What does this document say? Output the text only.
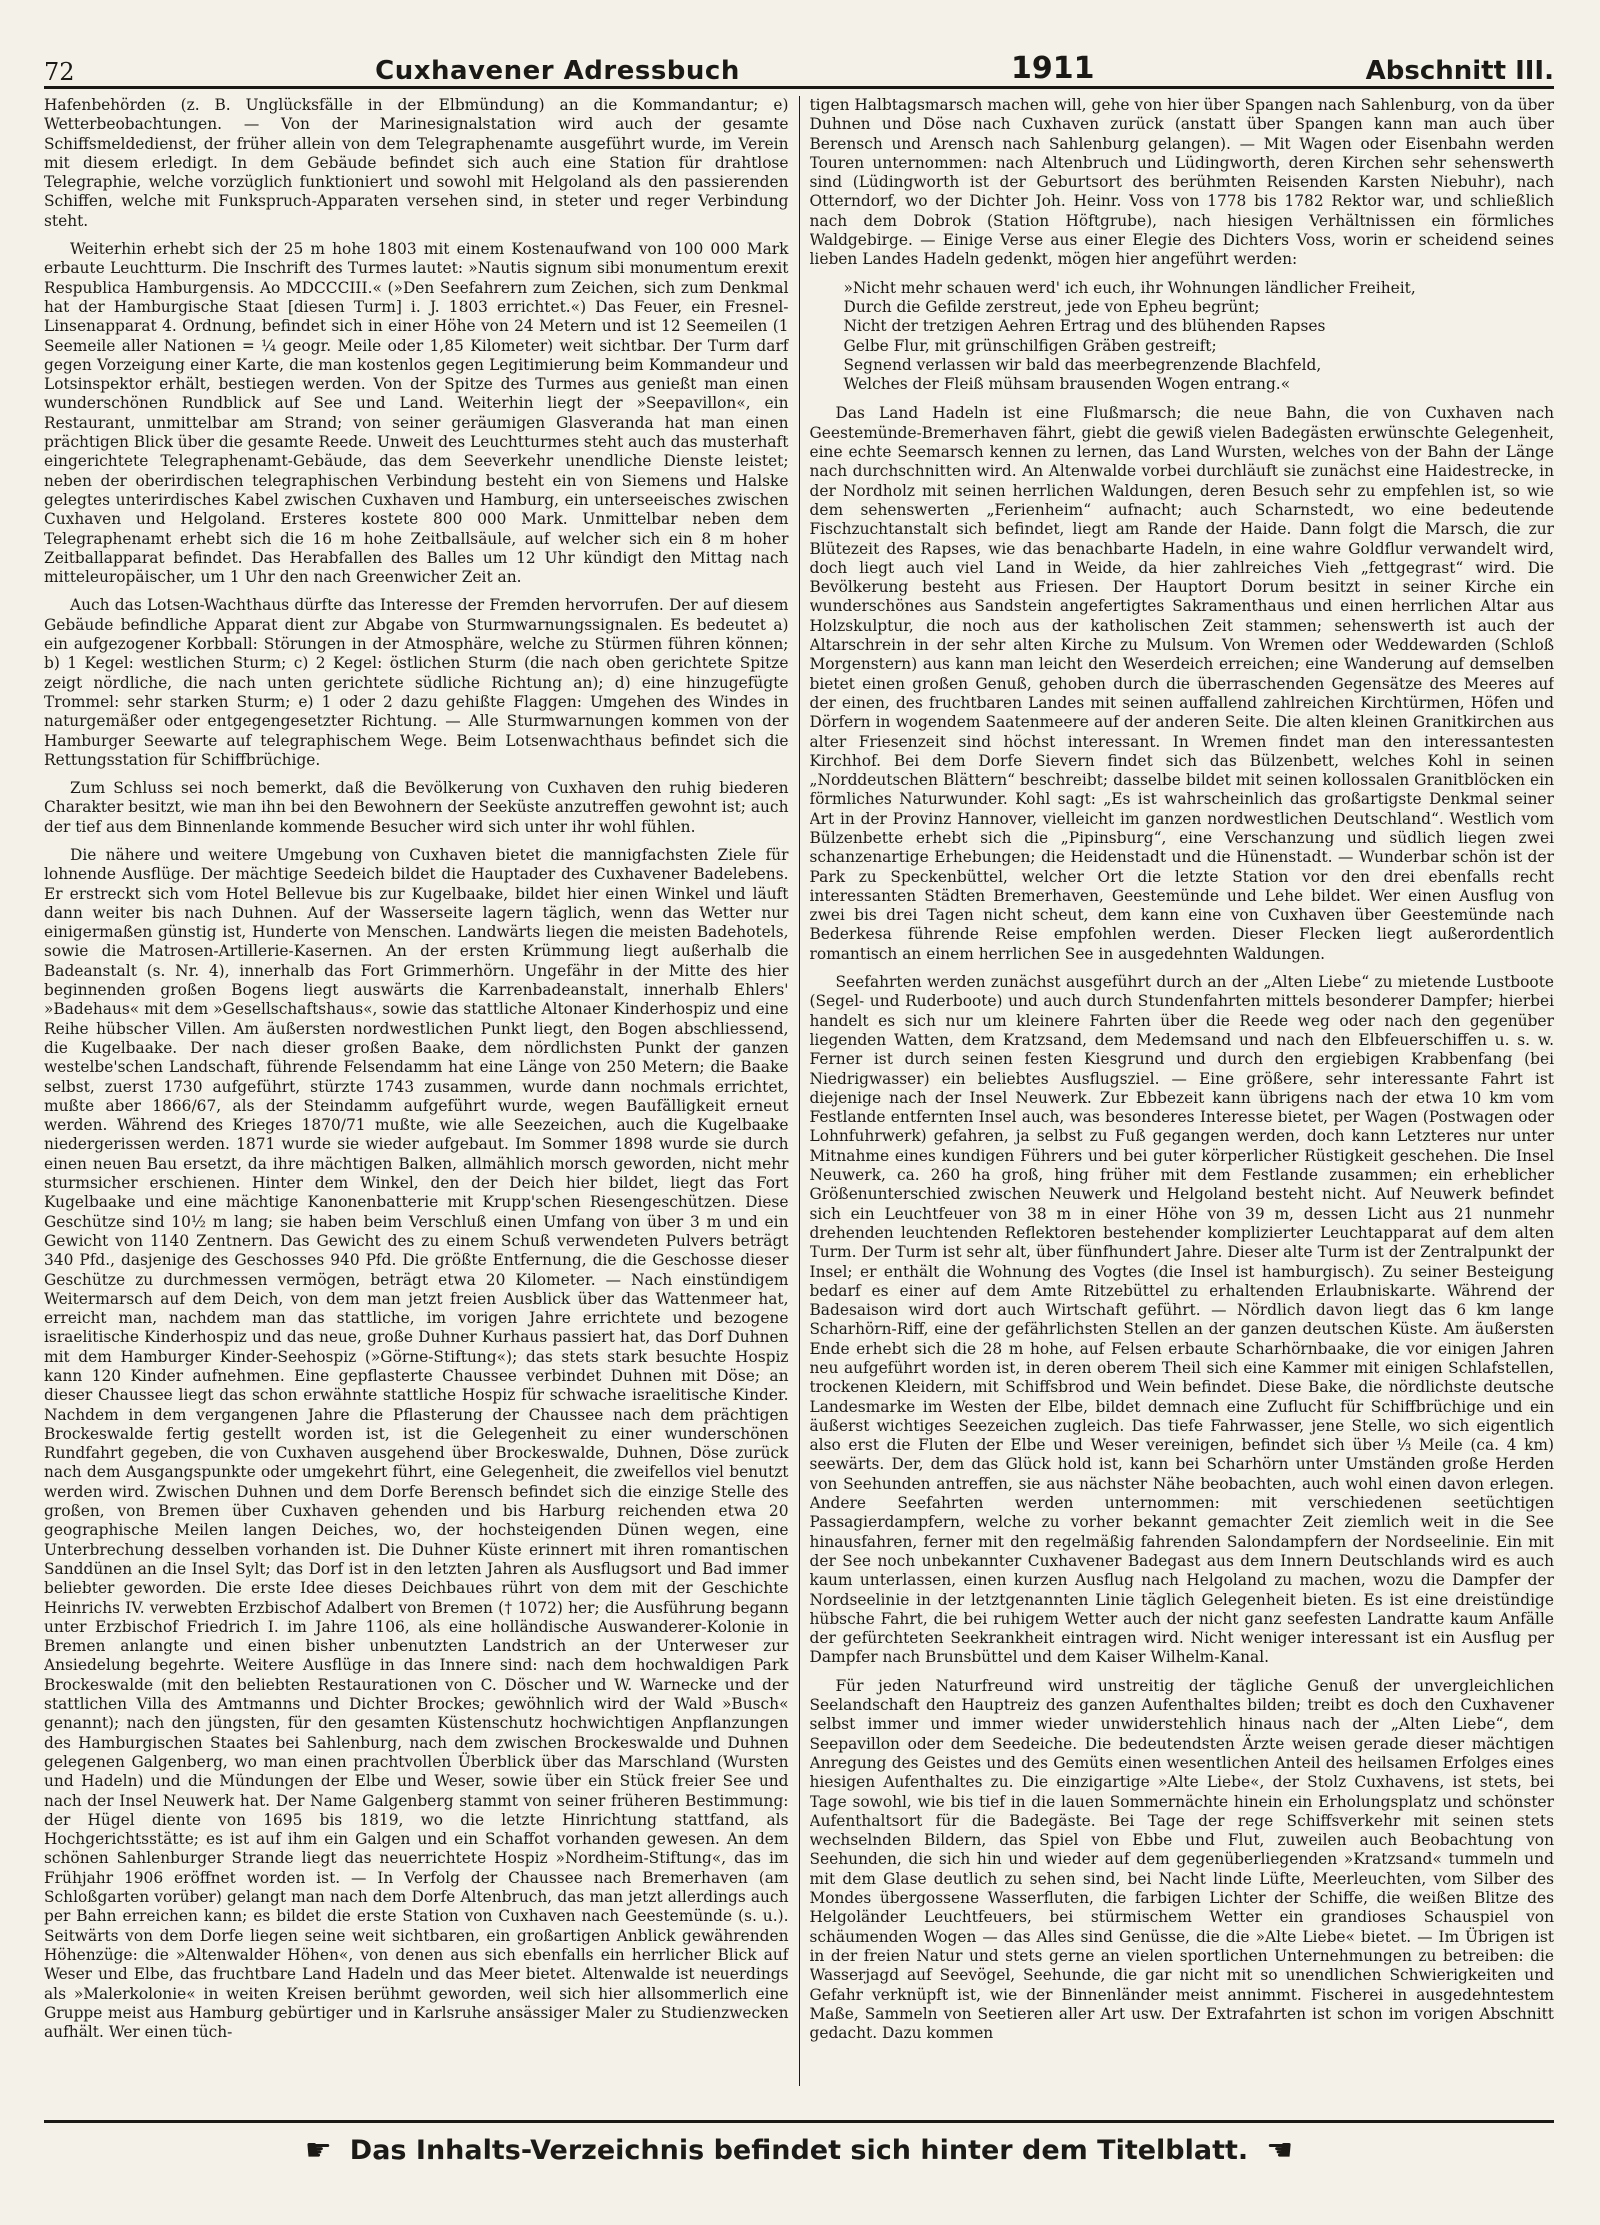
72	Cuxhavener Adressbuch	1911	Abschnitt III.

Hafenbehörden (z. B. Unglücksfälle in der Elbmündung) an die Kommandantur; e) Wetterbeobachtungen. — Von der Marinesignalstation wird auch der gesamte Schiffsmeldedienst, der früher allein von dem Telegraphenamte ausgeführt wurde, im Verein mit diesem erledigt. In dem Gebäude befindet sich auch eine Station für drahtlose Telegraphie, welche vorzüglich funktioniert und sowohl mit Helgoland als den passierenden Schiffen, welche mit Funkspruch-Apparaten versehen sind, in steter und reger Verbindung steht.

Weiterhin erhebt sich der 25 m hohe 1803 mit einem Kostenaufwand von 100 000 Mark erbaute Leuchtturm. Die Inschrift des Turmes lautet: »Nautis signum sibi monumentum erexit Respublica Hamburgensis. Ao MDCCCIII.« (»Den Seefahrern zum Zeichen, sich zum Denkmal hat der Hamburgische Staat [diesen Turm] i. J. 1803 errichtet.«) Das Feuer, ein Fresnel-Linsenapparat 4. Ordnung, befindet sich in einer Höhe von 24 Metern und ist 12 Seemeilen (1 Seemeile aller Nationen = ¼ geogr. Meile oder 1,85 Kilometer) weit sichtbar. Der Turm darf gegen Vorzeigung einer Karte, die man kostenlos gegen Legitimierung beim Kommandeur und Lotsinspektor erhält, bestiegen werden. Von der Spitze des Turmes aus genießt man einen wunderschönen Rundblick auf See und Land. Weiterhin liegt der »Seepavillon«, ein Restaurant, unmittelbar am Strand; von seiner geräumigen Glasveranda hat man einen prächtigen Blick über die gesamte Reede. Unweit des Leuchtturmes steht auch das musterhaft eingerichtete Telegraphenamt-Gebäude, das dem Seeverkehr unendliche Dienste leistet; neben der oberirdischen telegraphischen Verbindung besteht ein von Siemens und Halske gelegtes unterirdisches Kabel zwischen Cuxhaven und Hamburg, ein unterseeisches zwischen Cuxhaven und Helgoland. Ersteres kostete 800 000 Mark. Unmittelbar neben dem Telegraphenamt erhebt sich die 16 m hohe Zeitballsäule, auf welcher sich ein 8 m hoher Zeitballapparat befindet. Das Herabfallen des Balles um 12 Uhr kündigt den Mittag nach mitteleuropäischer, um 1 Uhr den nach Greenwicher Zeit an.

Auch das Lotsen-Wachthaus dürfte das Interesse der Fremden hervorrufen. Der auf diesem Gebäude befindliche Apparat dient zur Abgabe von Sturmwarnungssignalen. Es bedeutet a) ein aufgezogener Korbball: Störungen in der Atmosphäre, welche zu Stürmen führen können; b) 1 Kegel: westlichen Sturm; c) 2 Kegel: östlichen Sturm (die nach oben gerichtete Spitze zeigt nördliche, die nach unten gerichtete südliche Richtung an); d) eine hinzugefügte Trommel: sehr starken Sturm; e) 1 oder 2 dazu gehißte Flaggen: Umgehen des Windes in naturgemäßer oder entgegengesetzter Richtung. — Alle Sturmwarnungen kommen von der Hamburger Seewarte auf telegraphischem Wege. Beim Lotsenwachthaus befindet sich die Rettungsstation für Schiffbrüchige.

Zum Schluss sei noch bemerkt, daß die Bevölkerung von Cuxhaven den ruhig biederen Charakter besitzt, wie man ihn bei den Bewohnern der Seeküste anzutreffen gewohnt ist; auch der tief aus dem Binnenlande kommende Besucher wird sich unter ihr wohl fühlen.

Die nähere und weitere Umgebung von Cuxhaven bietet die mannigfachsten Ziele für lohnende Ausflüge. Der mächtige Seedeich bildet die Hauptader des Cuxhavener Badelebens. Er erstreckt sich vom Hotel Bellevue bis zur Kugelbaake, bildet hier einen Winkel und läuft dann weiter bis nach Duhnen. Auf der Wasserseite lagern täglich, wenn das Wetter nur einigermaßen günstig ist, Hunderte von Menschen. Landwärts liegen die meisten Badehotels, sowie die Matrosen-Artillerie-Kasernen. An der ersten Krümmung liegt außerhalb die Badeanstalt (s. Nr. 4), innerhalb das Fort Grimmerhörn. Ungefähr in der Mitte des hier beginnenden großen Bogens liegt auswärts die Karrenbadeanstalt, innerhalb Ehlers' »Badehaus« mit dem »Gesellschaftshaus«, sowie das stattliche Altonaer Kinderhospiz und eine Reihe hübscher Villen. Am äußersten nordwestlichen Punkt liegt, den Bogen abschliessend, die Kugelbaake. Der nach dieser großen Baake, dem nördlichsten Punkt der ganzen westelbe'schen Landschaft, führende Felsendamm hat eine Länge von 250 Metern; die Baake selbst, zuerst 1730 aufgeführt, stürzte 1743 zusammen, wurde dann nochmals errichtet, mußte aber 1866/67, als der Steindamm aufgeführt wurde, wegen Baufälligkeit erneut werden. Während des Krieges 1870/71 mußte, wie alle Seezeichen, auch die Kugelbaake niedergerissen werden. 1871 wurde sie wieder aufgebaut. Im Sommer 1898 wurde sie durch einen neuen Bau ersetzt, da ihre mächtigen Balken, allmählich morsch geworden, nicht mehr sturmsicher erschienen. Hinter dem Winkel, den der Deich hier bildet, liegt das Fort Kugelbaake und eine mächtige Kanonenbatterie mit Krupp'schen Riesengeschützen. Diese Geschütze sind 10½ m lang; sie haben beim Verschluß einen Umfang von über 3 m und ein Gewicht von 1140 Zentnern. Das Gewicht des zu einem Schuß verwendeten Pulvers beträgt 340 Pfd., dasjenige des Geschosses 940 Pfd. Die größte Entfernung, die die Geschosse dieser Geschütze zu durchmessen vermögen, beträgt etwa 20 Kilometer. — Nach einstündigem Weitermarsch auf dem Deich, von dem man jetzt freien Ausblick über das Wattenmeer hat, erreicht man, nachdem man das stattliche, im vorigen Jahre errichtete und bezogene israelitische Kinderhospiz und das neue, große Duhner Kurhaus passiert hat, das Dorf Duhnen mit dem Hamburger Kinder-Seehospiz (»Görne-Stiftung«); das stets stark besuchte Hospiz kann 120 Kinder aufnehmen. Eine gepflasterte Chaussee verbindet Duhnen mit Döse; an dieser Chaussee liegt das schon erwähnte stattliche Hospiz für schwache israelitische Kinder. Nachdem in dem vergangenen Jahre die Pflasterung der Chaussee nach dem prächtigen Brockeswalde fertig gestellt worden ist, ist die Gelegenheit zu einer wunderschönen Rundfahrt gegeben, die von Cuxhaven ausgehend über Brockeswalde, Duhnen, Döse zurück nach dem Ausgangspunkte oder umgekehrt führt, eine Gelegenheit, die zweifellos viel benutzt werden wird. Zwischen Duhnen und dem Dorfe Berensch befindet sich die einzige Stelle des großen, von Bremen über Cuxhaven gehenden und bis Harburg reichenden etwa 20 geographische Meilen langen Deiches, wo, der hochsteigenden Dünen wegen, eine Unterbrechung desselben vorhanden ist. Die Duhner Küste erinnert mit ihren romantischen Sanddünen an die Insel Sylt; das Dorf ist in den letzten Jahren als Ausflugsort und Bad immer beliebter geworden. Die erste Idee dieses Deichbaues rührt von dem mit der Geschichte Heinrichs IV. verwebten Erzbischof Adalbert von Bremen († 1072) her; die Ausführung begann unter Erzbischof Friedrich I. im Jahre 1106, als eine holländische Auswanderer-Kolonie in Bremen anlangte und einen bisher unbenutzten Landstrich an der Unterweser zur Ansiedelung begehrte. Weitere Ausflüge in das Innere sind: nach dem hochwaldigen Park Brockeswalde (mit den beliebten Restaurationen von C. Döscher und W. Warnecke und der stattlichen Villa des Amtmanns und Dichter Brockes; gewöhnlich wird der Wald »Busch« genannt); nach den jüngsten, für den gesamten Küstenschutz hochwichtigen Anpflanzungen des Hamburgischen Staates bei Sahlenburg, nach dem zwischen Brockeswalde und Duhnen gelegenen Galgenberg, wo man einen prachtvollen Überblick über das Marschland (Wursten und Hadeln) und die Mündungen der Elbe und Weser, sowie über ein Stück freier See und nach der Insel Neuwerk hat. Der Name Galgenberg stammt von seiner früheren Bestimmung: der Hügel diente von 1695 bis 1819, wo die letzte Hinrichtung stattfand, als Hochgerichtsstätte; es ist auf ihm ein Galgen und ein Schaffot vorhanden gewesen. An dem schönen Sahlenburger Strande liegt das neuerrichtete Hospiz »Nordheim-Stiftung«, das im Frühjahr 1906 eröffnet worden ist. — In Verfolg der Chaussee nach Bremerhaven (am Schloßgarten vorüber) gelangt man nach dem Dorfe Altenbruch, das man jetzt allerdings auch per Bahn erreichen kann; es bildet die erste Station von Cuxhaven nach Geestemünde (s. u.). Seitwärts von dem Dorfe liegen seine weit sichtbaren, ein großartigen Anblick gewährenden Höhenzüge: die »Altenwalder Höhen«, von denen aus sich ebenfalls ein herrlicher Blick auf Weser und Elbe, das fruchtbare Land Hadeln und das Meer bietet. Altenwalde ist neuerdings als »Malerkolonie« in weiten Kreisen berühmt geworden, weil sich hier allsommerlich eine Gruppe meist aus Hamburg gebürtiger und in Karlsruhe ansässiger Maler zu Studienzwecken aufhält. Wer einen tüch-

tigen Halbtagsmarsch machen will, gehe von hier über Spangen nach Sahlenburg, von da über Duhnen und Döse nach Cuxhaven zurück (anstatt über Spangen kann man auch über Berensch und Arensch nach Sahlenburg gelangen). — Mit Wagen oder Eisenbahn werden Touren unternommen: nach Altenbruch und Lüdingworth, deren Kirchen sehr sehenswerth sind (Lüdingworth ist der Geburtsort des berühmten Reisenden Karsten Niebuhr), nach Otterndorf, wo der Dichter Joh. Heinr. Voss von 1778 bis 1782 Rektor war, und schließlich nach dem Dobrok (Station Höftgrube), nach hiesigen Verhältnissen ein förmliches Waldgebirge. — Einige Verse aus einer Elegie des Dichters Voss, worin er scheidend seines lieben Landes Hadeln gedenkt, mögen hier angeführt werden:

»Nicht mehr schauen werd' ich euch, ihr Wohnungen ländlicher Freiheit,
Durch die Gefilde zerstreut, jede von Epheu begrünt;
Nicht der tretzigen Aehren Ertrag und des blühenden Rapses
Gelbe Flur, mit grünschilfigen Gräben gestreift;
Segnend verlassen wir bald das meerbegrenzende Blachfeld,
Welches der Fleiß mühsam brausenden Wogen entrang.«

Das Land Hadeln ist eine Flußmarsch; die neue Bahn, die von Cuxhaven nach Geestemünde-Bremerhaven fährt, giebt die gewiß vielen Badegästen erwünschte Gelegenheit, eine echte Seemarsch kennen zu lernen, das Land Wursten, welches von der Bahn der Länge nach durchschnitten wird. An Altenwalde vorbei durchläuft sie zunächst eine Haidestrecke, in der Nordholz mit seinen herrlichen Waldungen, deren Besuch sehr zu empfehlen ist, so wie dem sehenswerten „Ferienheim“ aufnacht; auch Scharnstedt, wo eine bedeutende Fischzuchtanstalt sich befindet, liegt am Rande der Haide. Dann folgt die Marsch, die zur Blütezeit des Rapses, wie das benachbarte Hadeln, in eine wahre Goldflur verwandelt wird, doch liegt auch viel Land in Weide, da hier zahlreiches Vieh „fettgegrast“ wird. Die Bevölkerung besteht aus Friesen. Der Hauptort Dorum besitzt in seiner Kirche ein wunderschönes aus Sandstein angefertigtes Sakramenthaus und einen herrlichen Altar aus Holzskulptur, die noch aus der katholischen Zeit stammen; sehenswerth ist auch der Altarschrein in der sehr alten Kirche zu Mulsum. Von Wremen oder Weddewarden (Schloß Morgenstern) aus kann man leicht den Weserdeich erreichen; eine Wanderung auf demselben bietet einen großen Genuß, gehoben durch die überraschenden Gegensätze des Meeres auf der einen, des fruchtbaren Landes mit seinen auffallend zahlreichen Kirchtürmen, Höfen und Dörfern in wogendem Saatenmeere auf der anderen Seite. Die alten kleinen Granitkirchen aus alter Friesenzeit sind höchst interessant. In Wremen findet man den interessantesten Kirchhof. Bei dem Dorfe Sievern findet sich das Bülzenbett, welches Kohl in seinen „Norddeutschen Blättern“ beschreibt; dasselbe bildet mit seinen kollossalen Granitblöcken ein förmliches Naturwunder. Kohl sagt: „Es ist wahrscheinlich das großartigste Denkmal seiner Art in der Provinz Hannover, vielleicht im ganzen nordwestlichen Deutschland“. Westlich vom Bülzenbette erhebt sich die „Pipinsburg“, eine Verschanzung und südlich liegen zwei schanzenartige Erhebungen; die Heidenstadt und die Hünenstadt. — Wunderbar schön ist der Park zu Speckenbüttel, welcher Ort die letzte Station vor den drei ebenfalls recht interessanten Städten Bremerhaven, Geestemünde und Lehe bildet. Wer einen Ausflug von zwei bis drei Tagen nicht scheut, dem kann eine von Cuxhaven über Geestemünde nach Bederkesa führende Reise empfohlen werden. Dieser Flecken liegt außerordentlich romantisch an einem herrlichen See in ausgedehnten Waldungen.

Seefahrten werden zunächst ausgeführt durch an der „Alten Liebe“ zu mietende Lustboote (Segel- und Ruderboote) und auch durch Stundenfahrten mittels besonderer Dampfer; hierbei handelt es sich nur um kleinere Fahrten über die Reede weg oder nach den gegenüber liegenden Watten, dem Kratzsand, dem Medemsand und nach den Elbfeuerschiffen u. s. w. Ferner ist durch seinen festen Kiesgrund und durch den ergiebigen Krabbenfang (bei Niedrigwasser) ein beliebtes Ausflugsziel. — Eine größere, sehr interessante Fahrt ist diejenige nach der Insel Neuwerk. Zur Ebbezeit kann übrigens nach der etwa 10 km vom Festlande entfernten Insel auch, was besonderes Interesse bietet, per Wagen (Postwagen oder Lohnfuhrwerk) gefahren, ja selbst zu Fuß gegangen werden, doch kann Letzteres nur unter Mitnahme eines kundigen Führers und bei guter körperlicher Rüstigkeit geschehen. Die Insel Neuwerk, ca. 260 ha groß, hing früher mit dem Festlande zusammen; ein erheblicher Größenunterschied zwischen Neuwerk und Helgoland besteht nicht. Auf Neuwerk befindet sich ein Leuchtfeuer von 38 m in einer Höhe von 39 m, dessen Licht aus 21 nunmehr drehenden leuchtenden Reflektoren bestehender komplizierter Leuchtapparat auf dem alten Turm. Der Turm ist sehr alt, über fünfhundert Jahre. Dieser alte Turm ist der Zentralpunkt der Insel; er enthält die Wohnung des Vogtes (die Insel ist hamburgisch). Zu seiner Besteigung bedarf es einer auf dem Amte Ritzebüttel zu erhaltenden Erlaubniskarte. Während der Badesaison wird dort auch Wirtschaft geführt. — Nördlich davon liegt das 6 km lange Scharhörn-Riff, eine der gefährlichsten Stellen an der ganzen deutschen Küste. Am äußersten Ende erhebt sich die 28 m hohe, auf Felsen erbaute Scharhörnbaake, die vor einigen Jahren neu aufgeführt worden ist, in deren oberem Theil sich eine Kammer mit einigen Schlafstellen, trockenen Kleidern, mit Schiffsbrod und Wein befindet. Diese Bake, die nördlichste deutsche Landesmarke im Westen der Elbe, bildet demnach eine Zuflucht für Schiffbrüchige und ein äußerst wichtiges Seezeichen zugleich. Das tiefe Fahrwasser, jene Stelle, wo sich eigentlich also erst die Fluten der Elbe und Weser vereinigen, befindet sich über ⅓ Meile (ca. 4 km) seewärts. Der, dem das Glück hold ist, kann bei Scharhörn unter Umständen große Herden von Seehunden antreffen, sie aus nächster Nähe beobachten, auch wohl einen davon erlegen. Andere Seefahrten werden unternommen: mit verschiedenen seetüchtigen Passagierdampfern, welche zu vorher bekannt gemachter Zeit ziemlich weit in die See hinausfahren, ferner mit den regelmäßig fahrenden Salondampfern der Nordseelinie. Ein mit der See noch unbekannter Cuxhavener Badegast aus dem Innern Deutschlands wird es auch kaum unterlassen, einen kurzen Ausflug nach Helgoland zu machen, wozu die Dampfer der Nordseelinie in der letztgenannten Linie täglich Gelegenheit bieten. Es ist eine dreistündige hübsche Fahrt, die bei ruhigem Wetter auch der nicht ganz seefesten Landratte kaum Anfälle der gefürchteten Seekrankheit eintragen wird. Nicht weniger interessant ist ein Ausflug per Dampfer nach Brunsbüttel und dem Kaiser Wilhelm-Kanal.

Für jeden Naturfreund wird unstreitig der tägliche Genuß der unvergleichlichen Seelandschaft den Hauptreiz des ganzen Aufenthaltes bilden; treibt es doch den Cuxhavener selbst immer und immer wieder unwiderstehlich hinaus nach der „Alten Liebe“, dem Seepavillon oder dem Seedeiche. Die bedeutendsten Ärzte weisen gerade dieser mächtigen Anregung des Geistes und des Gemüts einen wesentlichen Anteil des heilsamen Erfolges eines hiesigen Aufenthaltes zu. Die einzigartige »Alte Liebe«, der Stolz Cuxhavens, ist stets, bei Tage sowohl, wie bis tief in die lauen Sommernächte hinein ein Erholungsplatz und schönster Aufenthaltsort für die Badegäste. Bei Tage der rege Schiffsverkehr mit seinen stets wechselnden Bildern, das Spiel von Ebbe und Flut, zuweilen auch Beobachtung von Seehunden, die sich hin und wieder auf dem gegenüberliegenden »Kratzsand« tummeln und mit dem Glase deutlich zu sehen sind, bei Nacht linde Lüfte, Meerleuchten, vom Silber des Mondes übergossene Wasserfluten, die farbigen Lichter der Schiffe, die weißen Blitze des Helgoländer Leuchtfeuers, bei stürmischem Wetter ein grandioses Schauspiel von schäumenden Wogen — das Alles sind Genüsse, die die »Alte Liebe« bietet. — Im Übrigen ist in der freien Natur und stets gerne an vielen sportlichen Unternehmungen zu betreiben: die Wasserjagd auf Seevögel, Seehunde, die gar nicht mit so unendlichen Schwierigkeiten und Gefahr verknüpft ist, wie der Binnenländer meist annimmt. Fischerei in ausgedehntestem Maße, Sammeln von Seetieren aller Art usw. Der Extrafahrten ist schon im vorigen Abschnitt gedacht. Dazu kommen

☛ Das Inhalts-Verzeichnis befindet sich hinter dem Titelblatt. ☚
